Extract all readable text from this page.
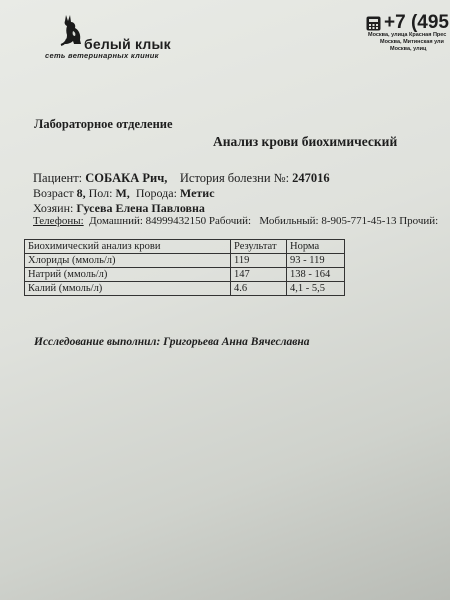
белый клык
сеть ветеринарных клиник
+7 (495
Москва, улица Красная Прес
Москва, Митинская ули
Москва, улиц
Лабораторное отделение
Анализ крови биохимический
Пациент: СОБАКА Рич, История болезни №: 247016
Возраст 8, Пол: М, Порода: Метис
Хозяин: Гусева Елена Павловна
Телефоны: Домашний: 84999432150 Рабочий: Мобильный: 8-905-771-45-13 Прочий:
Биохимический анализ крови	Результат	Норма
Хлориды (ммоль/л)	119	93 - 119
Натрий (ммоль/л)	147	138 - 164
Калий (ммоль/л)	4.6	4,1 - 5,5
Исследование выполнил: Григорьева Анна Вячеславна
